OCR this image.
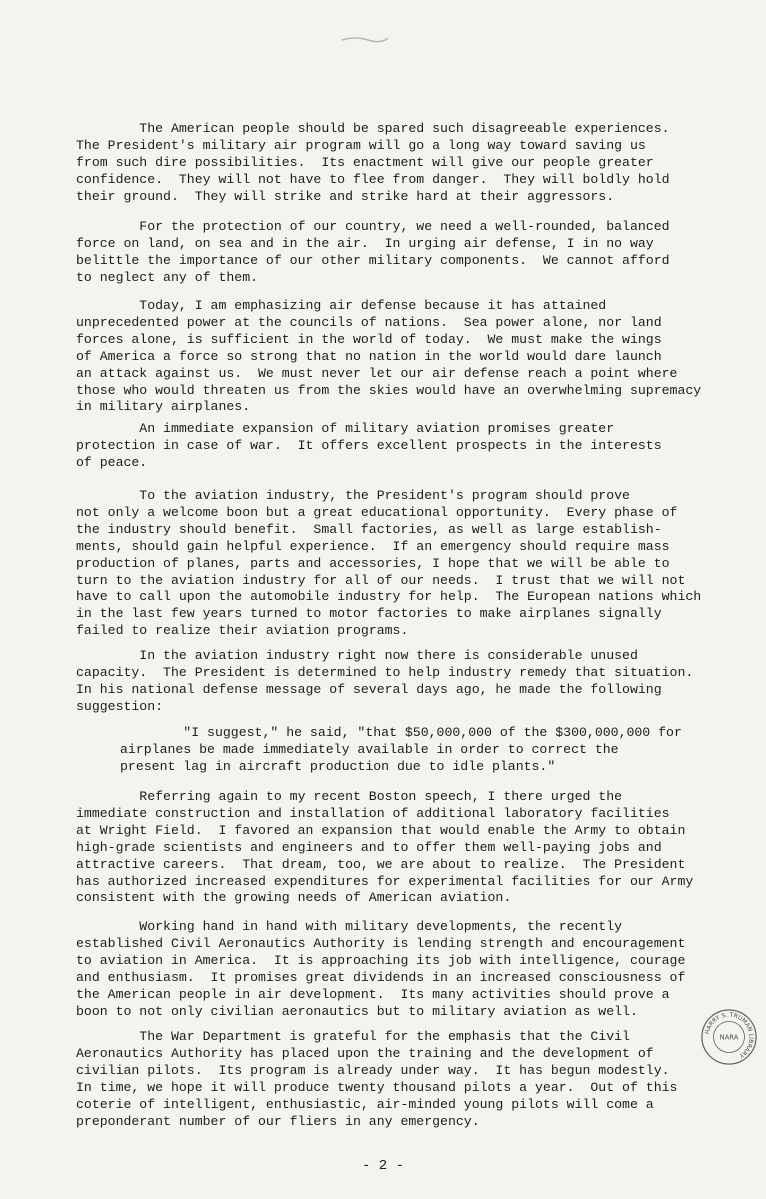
The American people should be spared such disagreeable experiences.
The President's military air program will go a long way toward saving us
from such dire possibilities.  Its enactment will give our people greater
confidence.  They will not have to flee from danger.  They will boldly hold
their ground.  They will strike and strike hard at their aggressors.

For the protection of our country, we need a well-rounded, balanced
force on land, on sea and in the air.  In urging air defense, I in no way
belittle the importance of our other military components.  We cannot afford
to neglect any of them.

Today, I am emphasizing air defense because it has attained
unprecedented power at the councils of nations.  Sea power alone, nor land
forces alone, is sufficient in the world of today.  We must make the wings
of America a force so strong that no nation in the world would dare launch
an attack against us.  We must never let our air defense reach a point where
those who would threaten us from the skies would have an overwhelming supremacy
in military airplanes.

An immediate expansion of military aviation promises greater
protection in case of war.  It offers excellent prospects in the interests
of peace.

To the aviation industry, the President's program should prove
not only a welcome boon but a great educational opportunity.  Every phase of
the industry should benefit.  Small factories, as well as large establish-
ments, should gain helpful experience.  If an emergency should require mass
production of planes, parts and accessories, I hope that we will be able to
turn to the aviation industry for all of our needs.  I trust that we will not
have to call upon the automobile industry for help.  The European nations which
in the last few years turned to motor factories to make airplanes signally
failed to realize their aviation programs.

In the aviation industry right now there is considerable unused
capacity.  The President is determined to help industry remedy that situation.
In his national defense message of several days ago, he made the following
suggestion:

"I suggest," he said, "that $50,000,000 of the $300,000,000 for
airplanes be made immediately available in order to correct the
present lag in aircraft production due to idle plants."

Referring again to my recent Boston speech, I there urged the
immediate construction and installation of additional laboratory facilities
at Wright Field.  I favored an expansion that would enable the Army to obtain
high-grade scientists and engineers and to offer them well-paying jobs and
attractive careers.  That dream, too, we are about to realize.  The President
has authorized increased expenditures for experimental facilities for our Army
consistent with the growing needs of American aviation.

Working hand in hand with military developments, the recently
established Civil Aeronautics Authority is lending strength and encouragement
to aviation in America.  It is approaching its job with intelligence, courage
and enthusiasm.  It promises great dividends in an increased consciousness of
the American people in air development.  Its many activities should prove a
boon to not only civilian aeronautics but to military aviation as well.

The War Department is grateful for the emphasis that the Civil
Aeronautics Authority has placed upon the training and the development of
civilian pilots.  Its program is already under way.  It has begun modestly.
In time, we hope it will produce twenty thousand pilots a year.  Out of this
coterie of intelligent, enthusiastic, air-minded young pilots will come a
preponderant number of our fliers in any emergency.

- 2 -
HARRY S. TRUMAN LIBRARY
NARA
